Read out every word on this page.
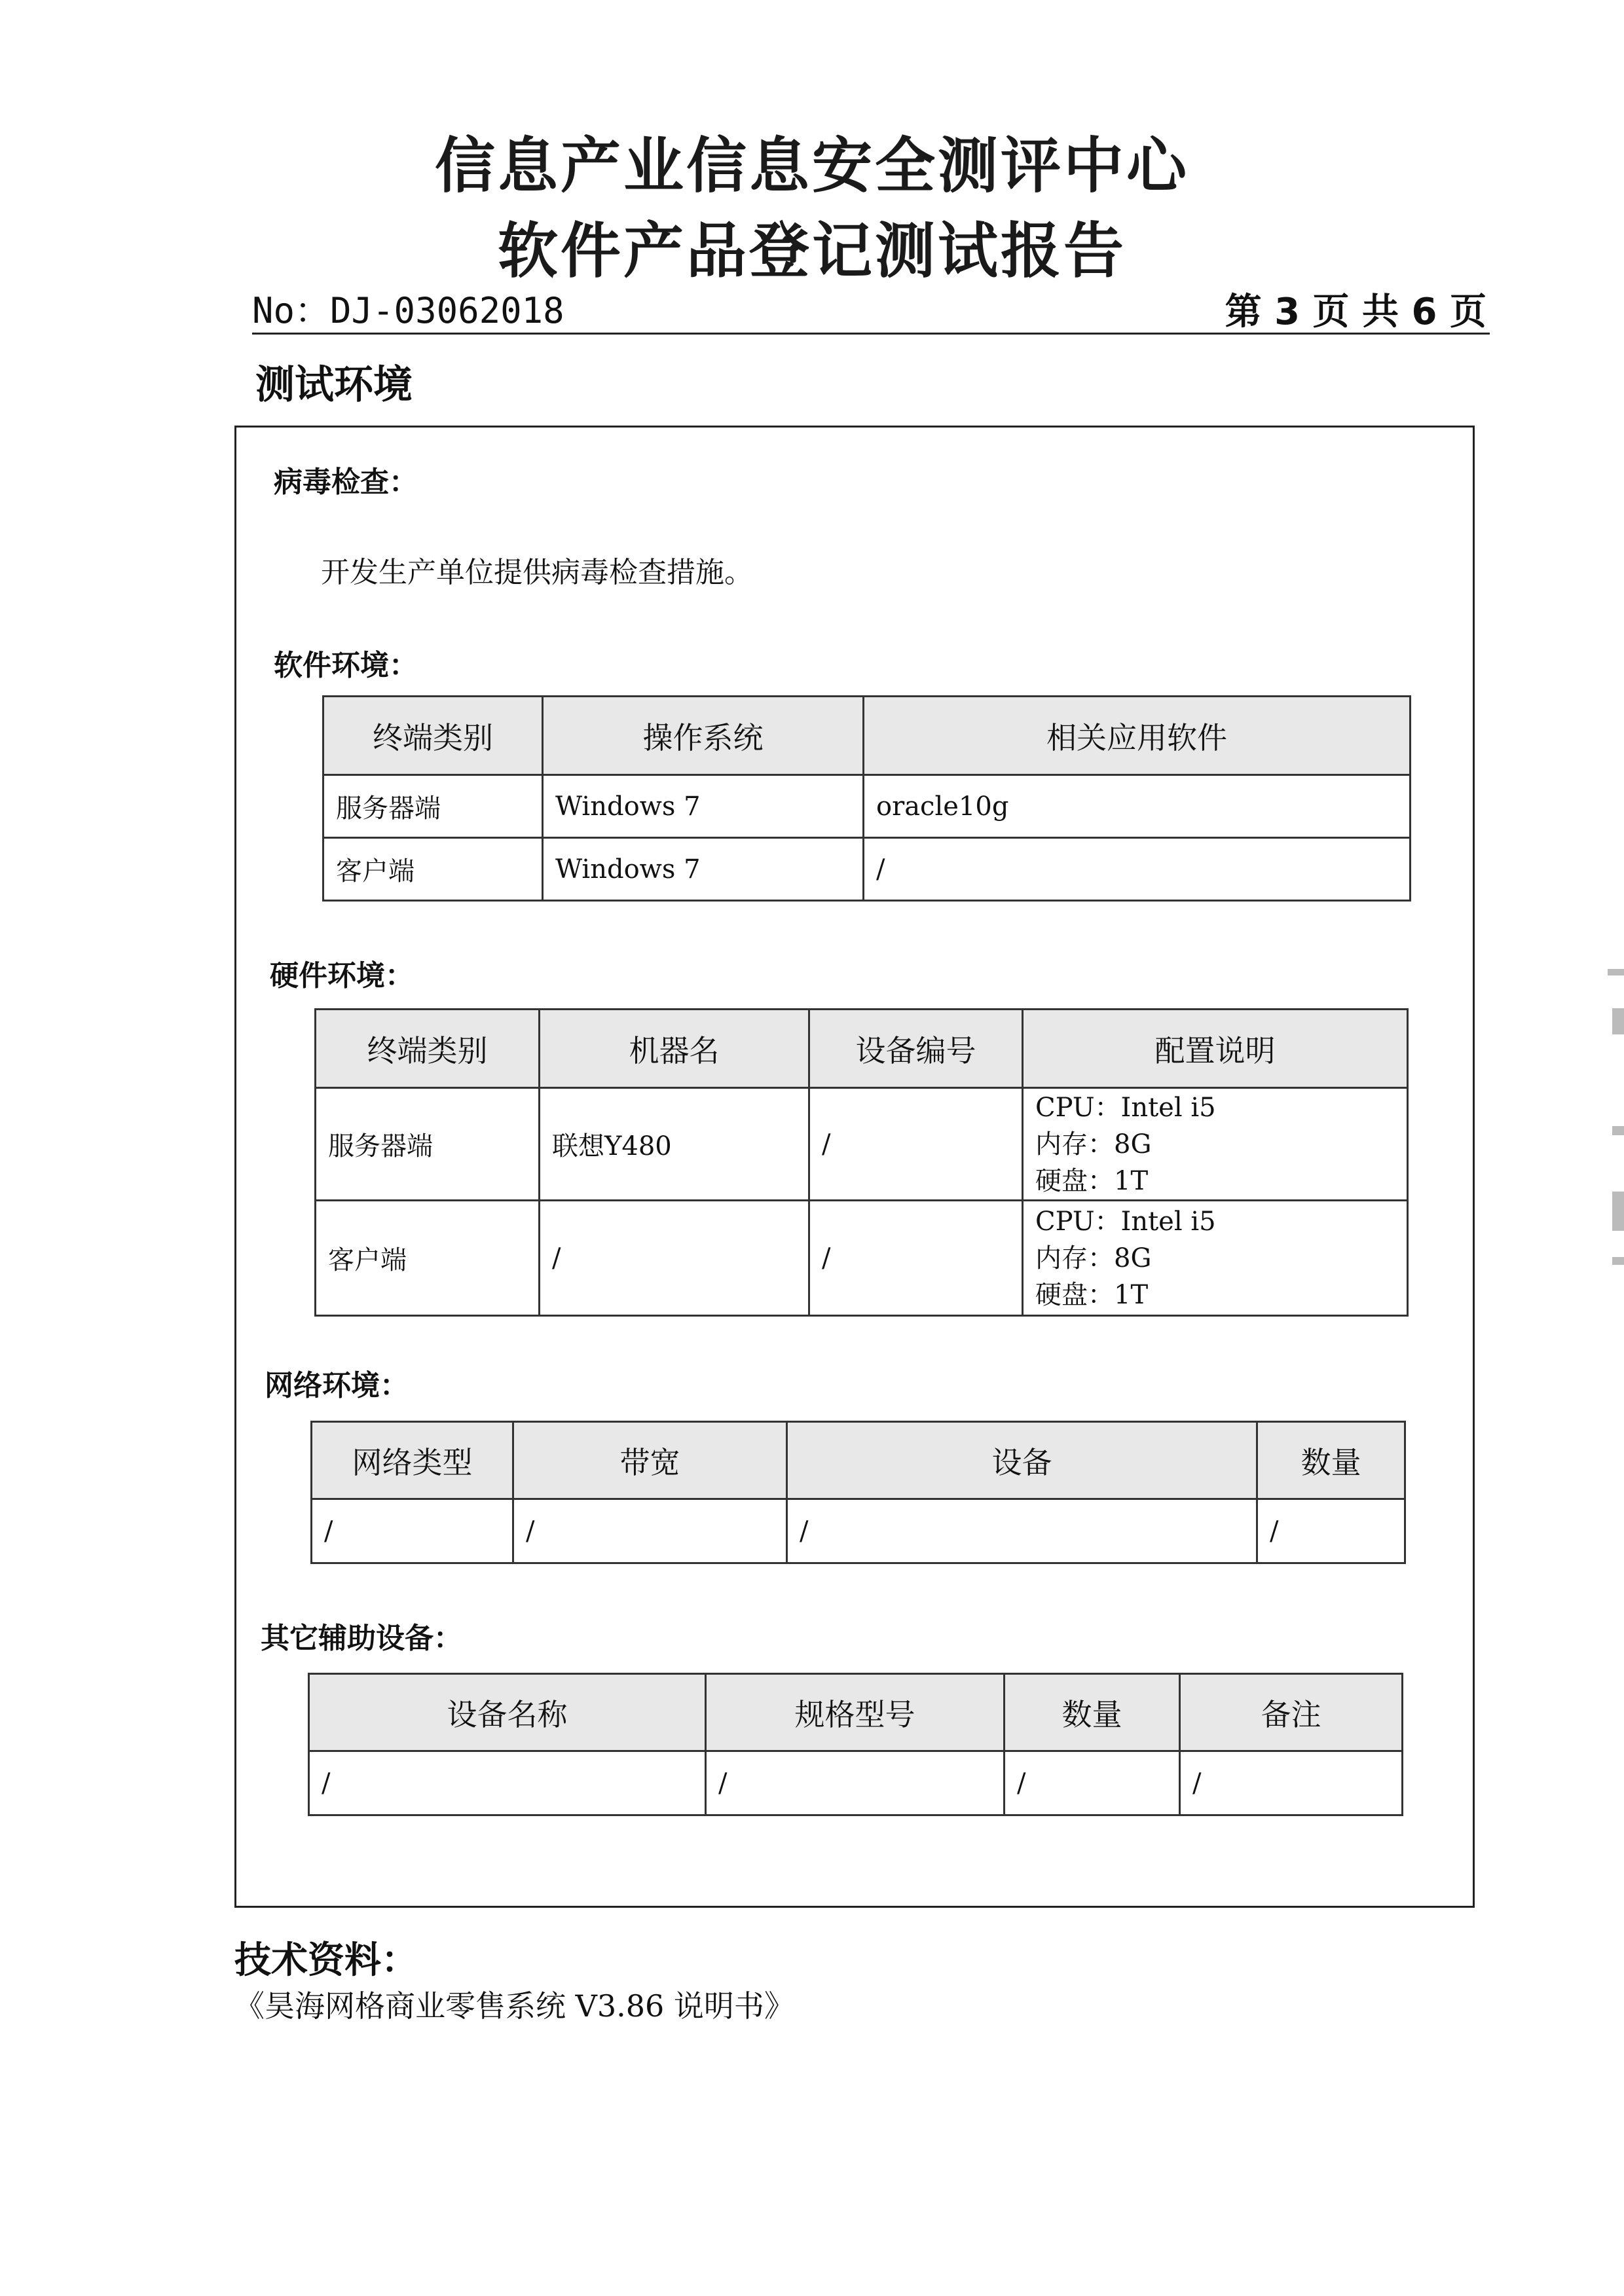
信息产业信息安全测评中心
软件产品登记测试报告
No：DJ-03062018	第 3 页 共 6 页
测试环境
病毒检查：
开发生产单位提供病毒检查措施。
软件环境：
终端类别	操作系统	相关应用软件
服务器端	Windows 7	oracle10g
客户端	Windows 7	/
硬件环境：
终端类别	机器名	设备编号	配置说明
服务器端	联想Y480	/	CPU：Intel i5
内存：8G
硬盘：1T
客户端	/	/	CPU：Intel i5
内存：8G
硬盘：1T
网络环境：
网络类型	带宽	设备	数量
/	/	/	/
其它辅助设备：
设备名称	规格型号	数量	备注
/	/	/	/
技术资料：
《昊海网格商业零售系统 V3.86 说明书》
